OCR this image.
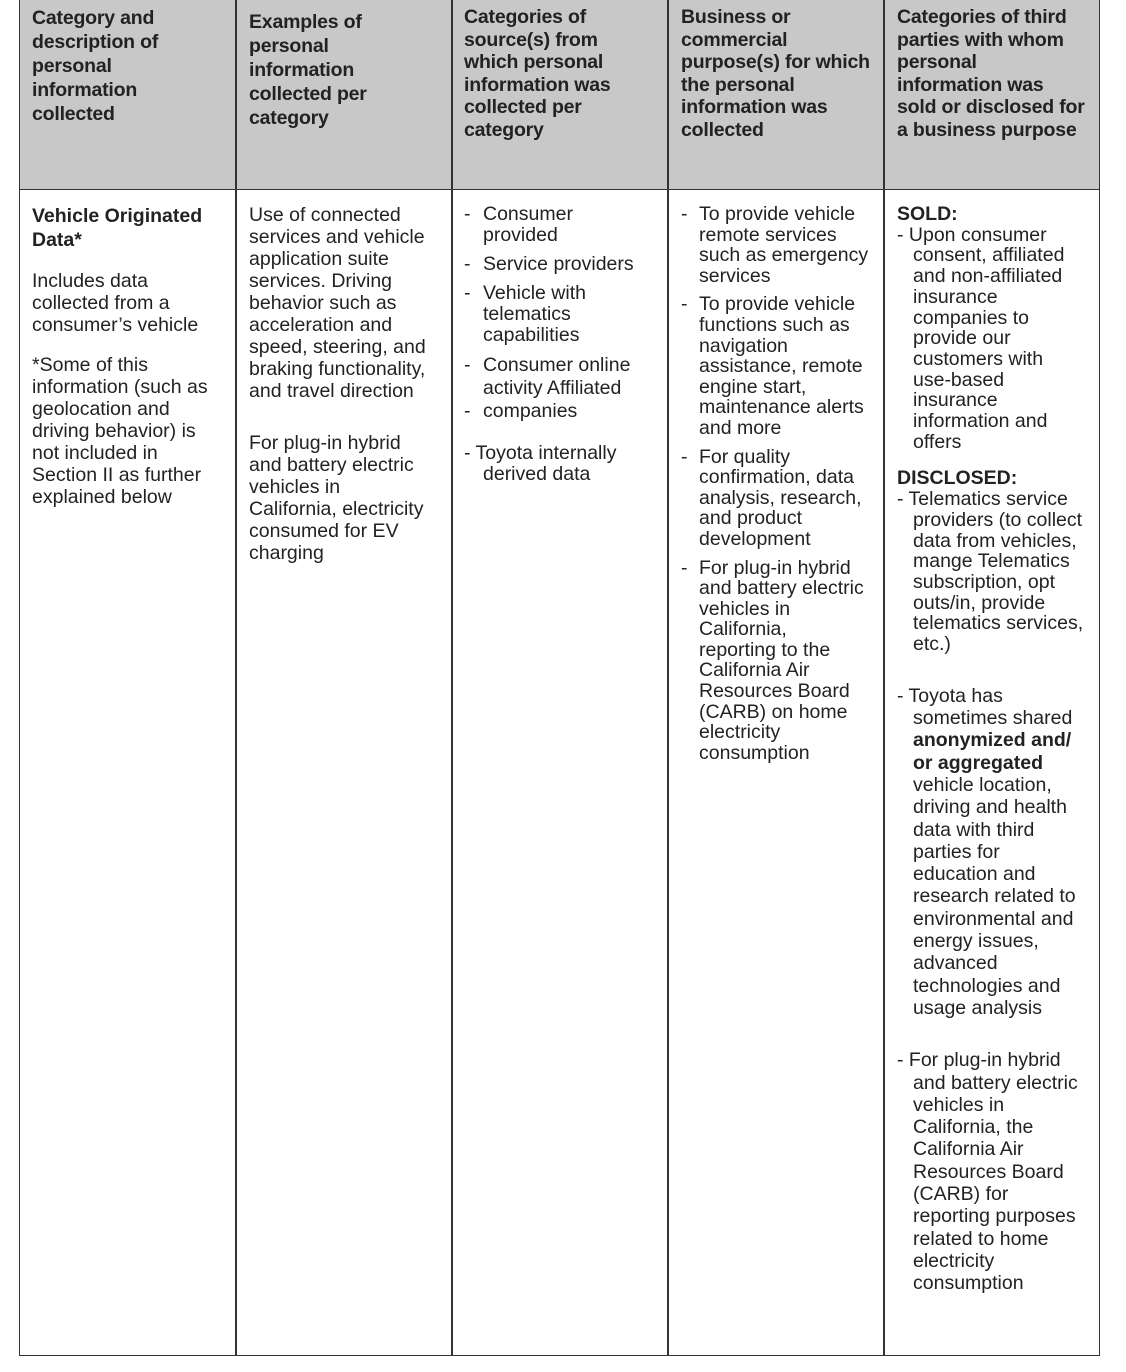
Category and
description of
personal
information
collected
Examples of
personal
information
collected per
category
Categories of
source(s) from
which personal
information was
collected per
category
Business or
commercial
purpose(s) for which
the personal
information was
collected
Categories of third
parties with whom
personal
information was
sold or disclosed for
a business purpose
Vehicle Originated
Data*
Includes data
collected from a
consumer’s vehicle
*Some of this
information (such as
geolocation and
driving behavior) is
not included in
Section II as further
explained below
Use of connected
services and vehicle
application suite
services. Driving
behavior such as
acceleration and
speed, steering, and
braking functionality,
and travel direction
For plug-in hybrid
and battery electric
vehicles in
California, electricity
consumed for EV
charging
- Consumer
provided
- Service providers
- Vehicle with
telematics
capabilities
- Consumer online
activity Affiliated
- companies
- Toyota internally
derived data
- To provide vehicle
remote services
such as emergency
services
- To provide vehicle
functions such as
navigation
assistance, remote
engine start,
maintenance alerts
and more
- For quality
confirmation, data
analysis, research,
and product
development
- For plug-in hybrid
and battery electric
vehicles in
California,
reporting to the
California Air
Resources Board
(CARB) on home
electricity
consumption
SOLD:
- Upon consumer
consent, affiliated
and non-affiliated
insurance
companies to
provide our
customers with
use-based
insurance
information and
offers
DISCLOSED:
- Telematics service
providers (to collect
data from vehicles,
mange Telematics
subscription, opt
outs/in, provide
telematics services,
etc.)
- Toyota has
sometimes shared
anonymized and/
or aggregated
vehicle location,
driving and health
data with third
parties for
education and
research related to
environmental and
energy issues,
advanced
technologies and
usage analysis
- For plug-in hybrid
and battery electric
vehicles in
California, the
California Air
Resources Board
(CARB) for
reporting purposes
related to home
electricity
consumption
